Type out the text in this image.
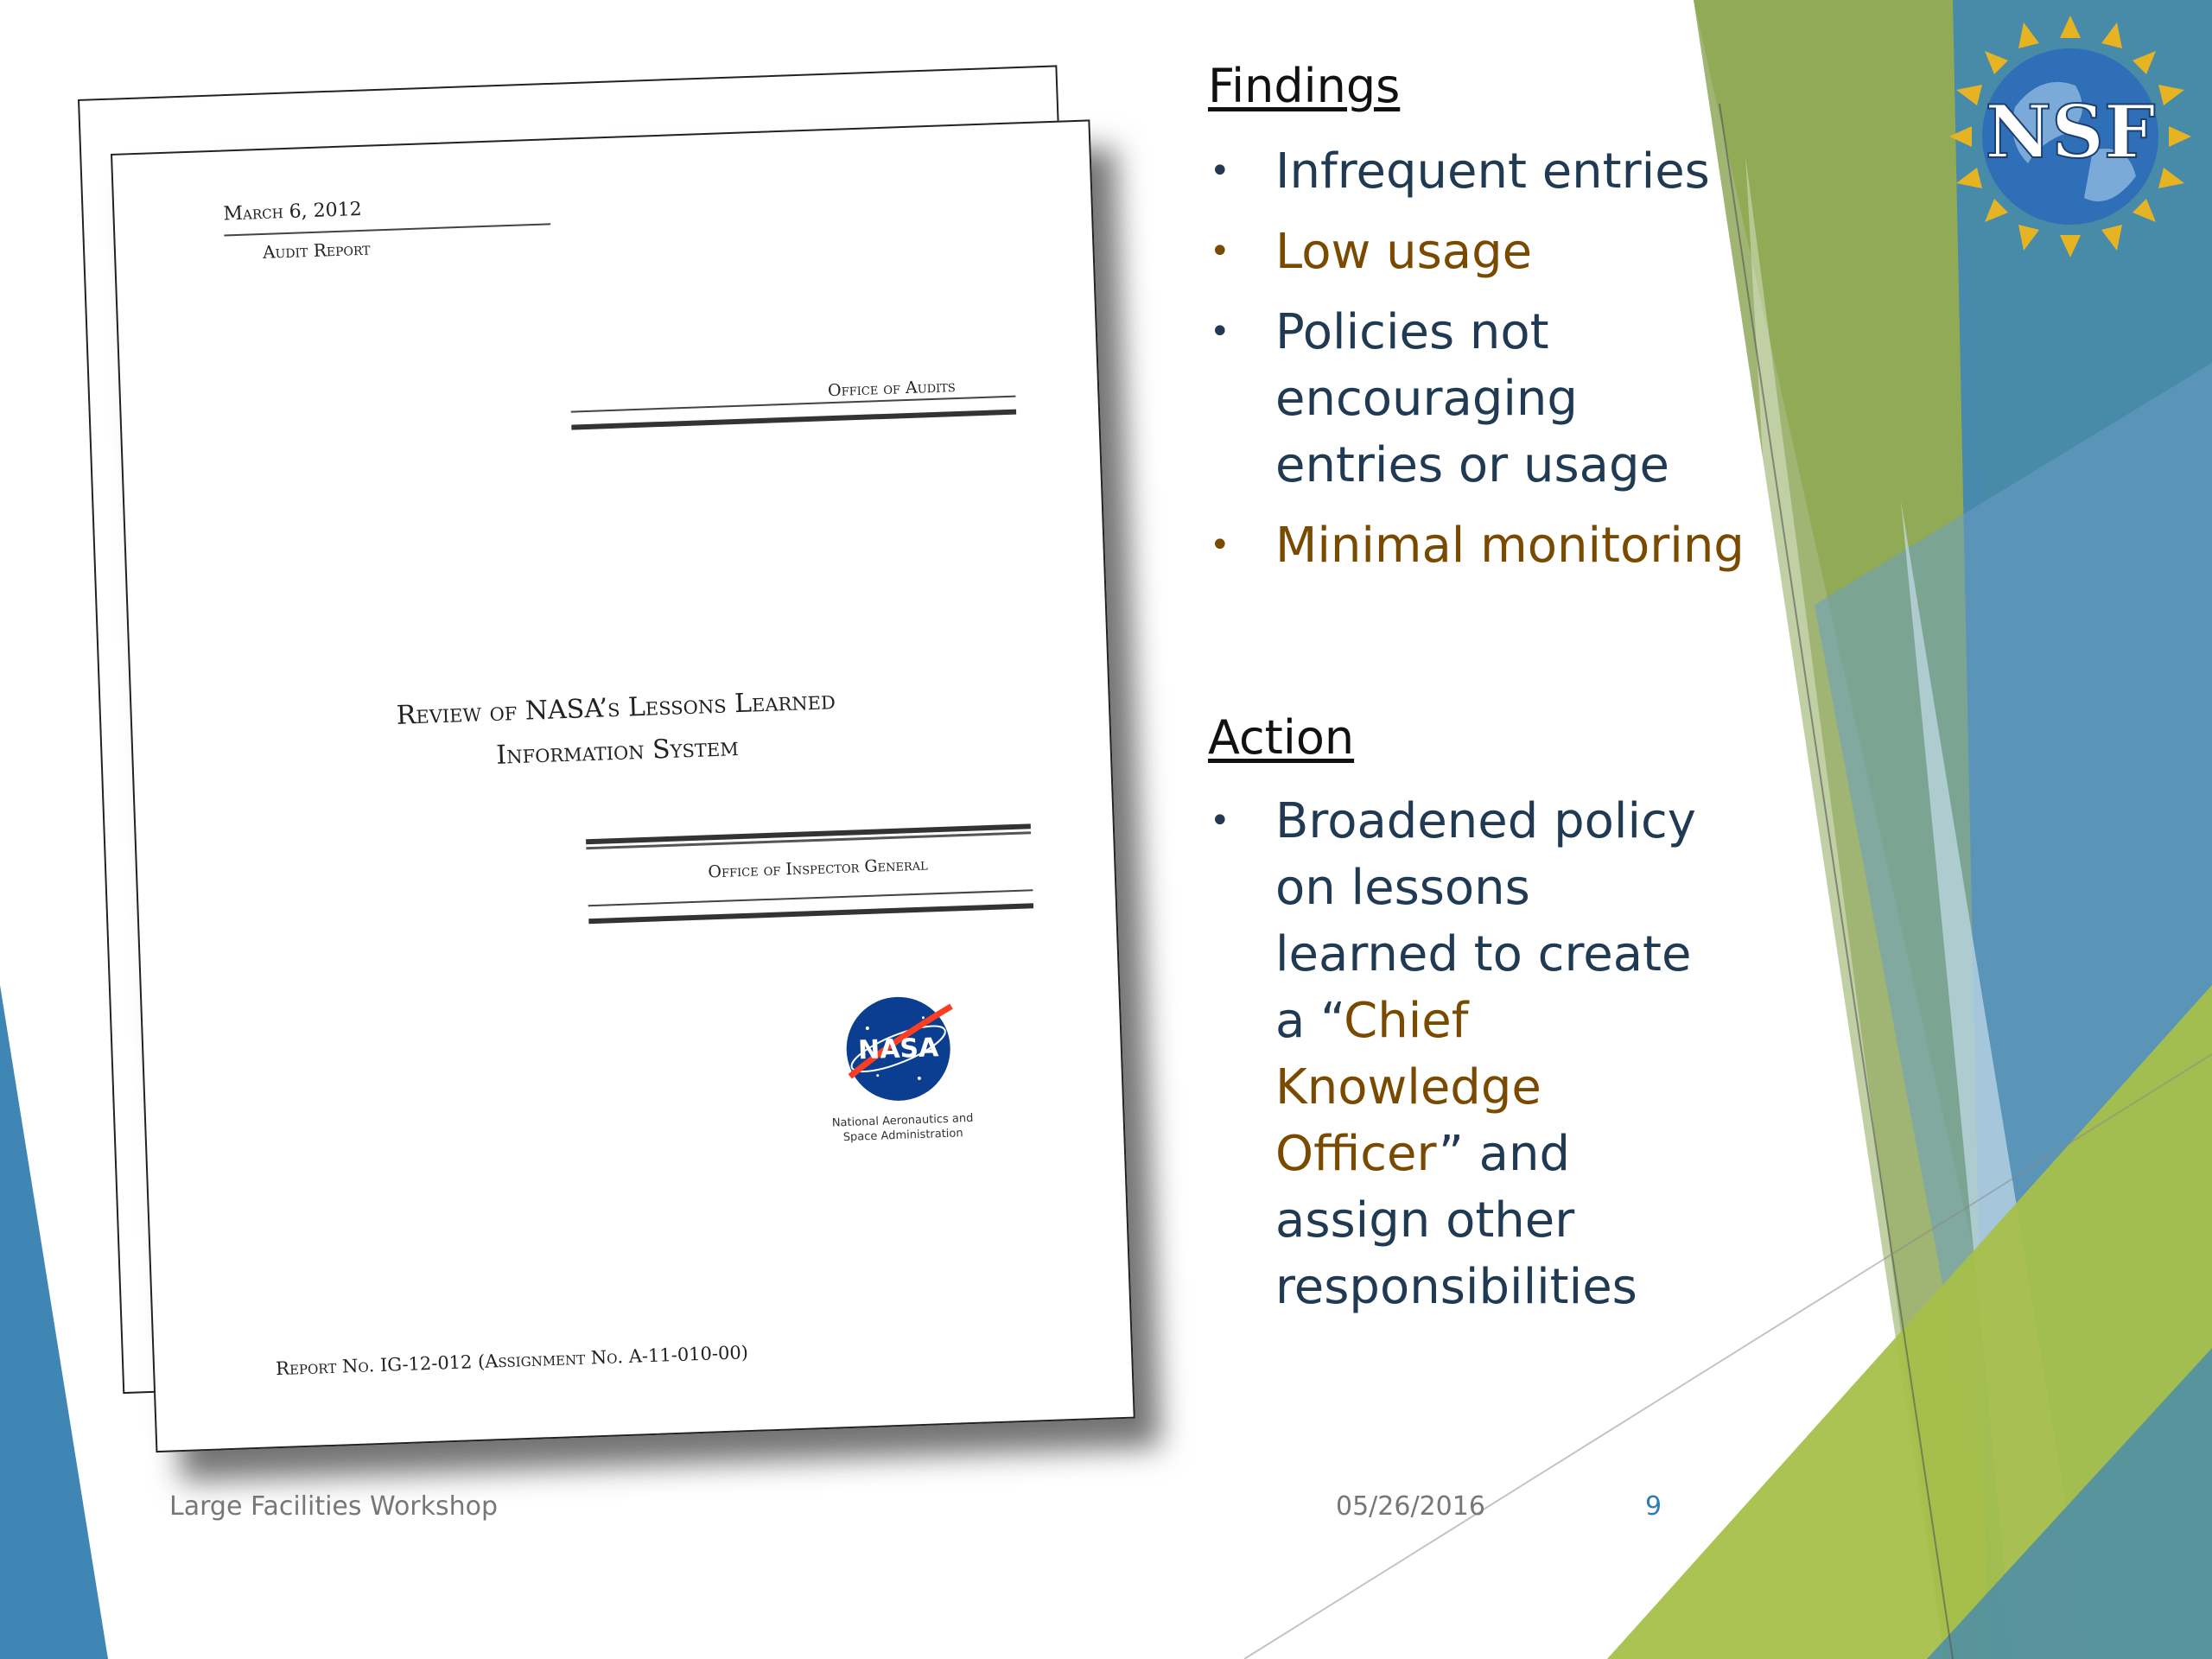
March 6, 2012
Audit Report
Office of Audits
Review of NASA’s Lessons Learned Information System
Office of Inspector General
NASA
National Aeronautics and Space Administration
Report No. IG-12-012 (Assignment No. A-11-010-00)
Findings
• Infrequent entries
• Low usage
• Policies not encouraging entries or usage
• Minimal monitoring
Action
• Broadened policy on lessons learned to create a “Chief Knowledge Officer” and assign other responsibilities
Large Facilities Workshop	05/26/2016	9
NSF
